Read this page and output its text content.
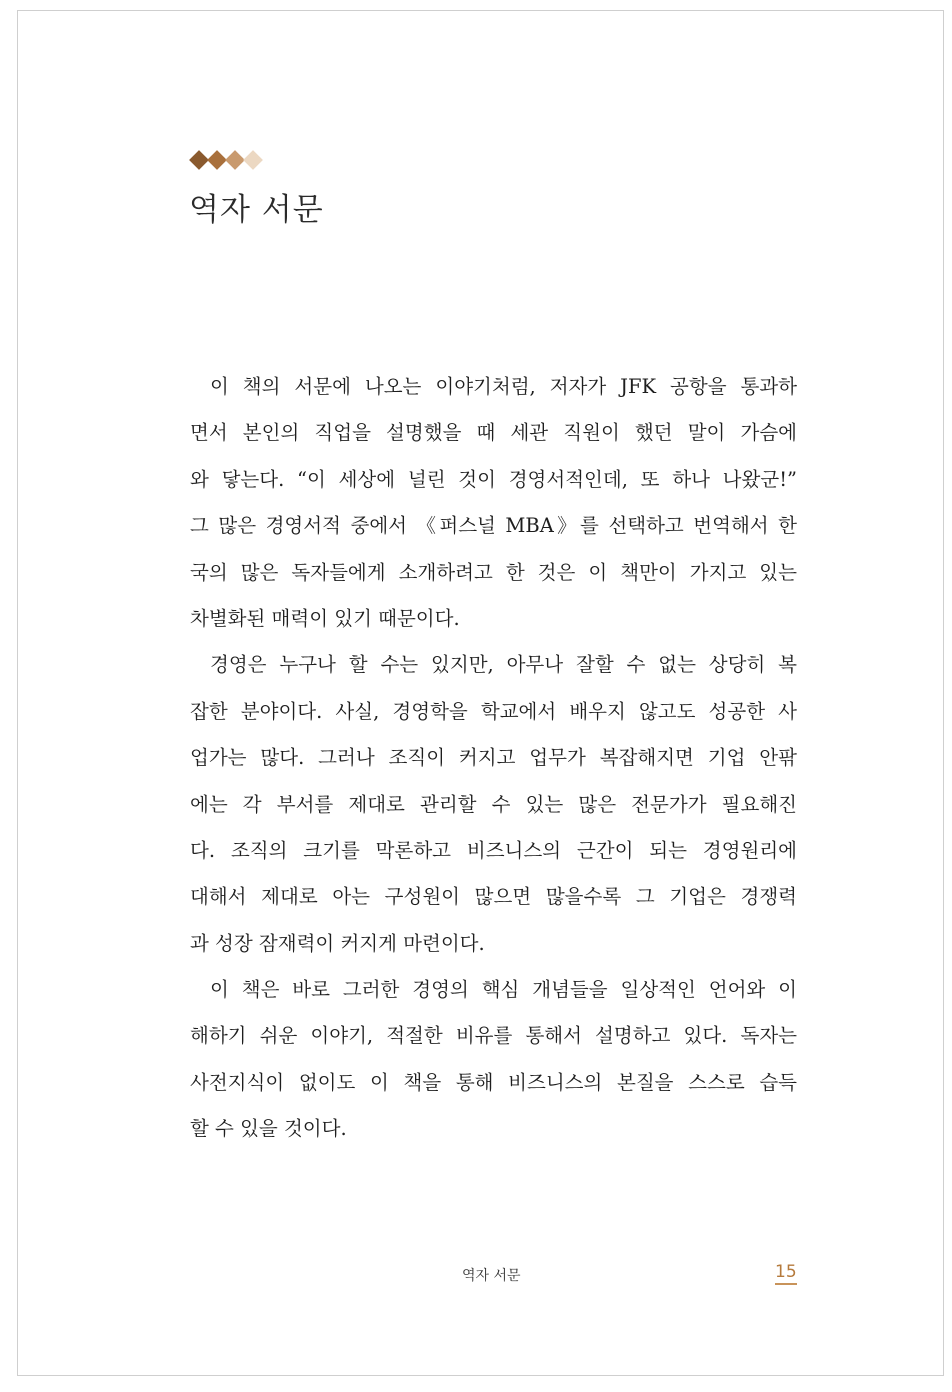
역자 서문
이 책의 서문에 나오는 이야기처럼, 저자가 JFK 공항을 통과하
면서 본인의 직업을 설명했을 때 세관 직원이 했던 말이 가슴에
와 닿는다. “이 세상에 널린 것이 경영서적인데, 또 하나 나왔군!”
그 많은 경영서적 중에서 《퍼스널 MBA》를 선택하고 번역해서 한
국의 많은 독자들에게 소개하려고 한 것은 이 책만이 가지고 있는
차별화된 매력이 있기 때문이다.
경영은 누구나 할 수는 있지만, 아무나 잘할 수 없는 상당히 복
잡한 분야이다. 사실, 경영학을 학교에서 배우지 않고도 성공한 사
업가는 많다. 그러나 조직이 커지고 업무가 복잡해지면 기업 안팎
에는 각 부서를 제대로 관리할 수 있는 많은 전문가가 필요해진
다. 조직의 크기를 막론하고 비즈니스의 근간이 되는 경영원리에
대해서 제대로 아는 구성원이 많으면 많을수록 그 기업은 경쟁력
과 성장 잠재력이 커지게 마련이다.
이 책은 바로 그러한 경영의 핵심 개념들을 일상적인 언어와 이
해하기 쉬운 이야기, 적절한 비유를 통해서 설명하고 있다. 독자는
사전지식이 없이도 이 책을 통해 비즈니스의 본질을 스스로 습득
할 수 있을 것이다.
역자 서문	15
